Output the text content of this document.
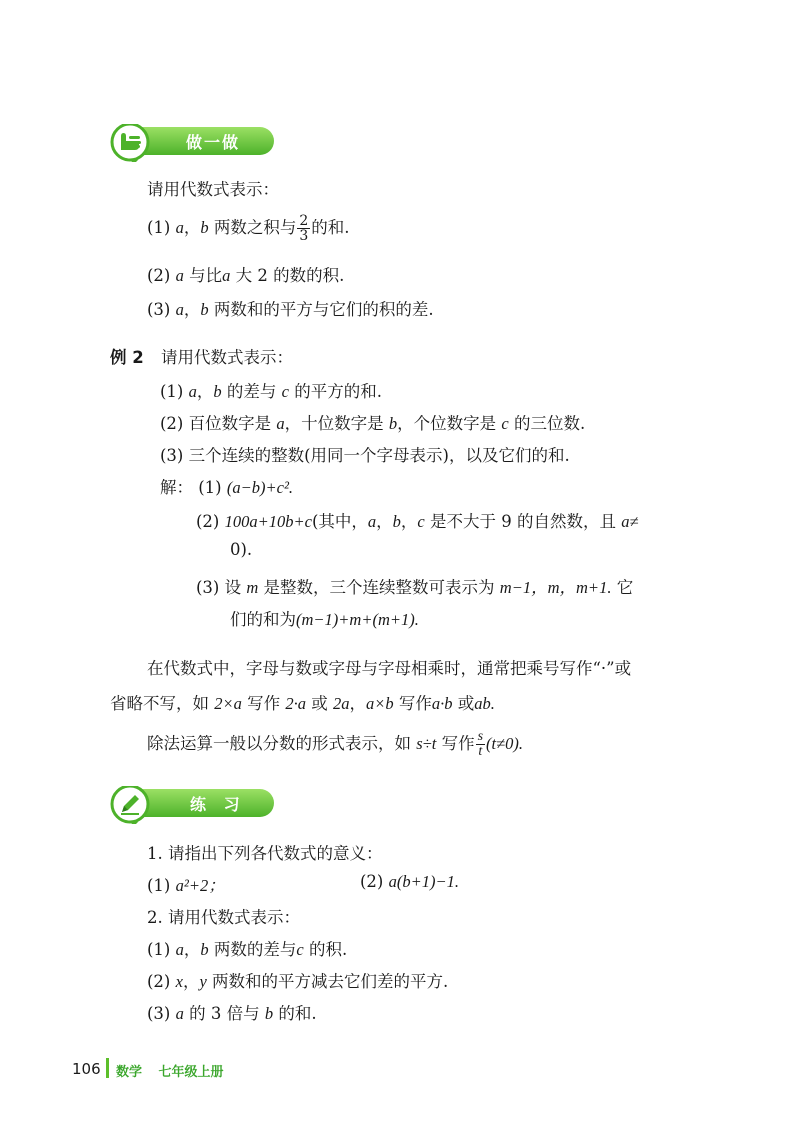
做一做
请用代数式表示：
(1) a，b 两数之积与 $\frac{2}{3}$ 的和.
(2) a 与比a 大 2 的数的积.
(3) a，b 两数和的平方与它们的积的差.
例 2 请用代数式表示：
(1) a，b 的差与 c 的平方的和.
(2) 百位数字是 a，十位数字是 b，个位数字是 c 的三位数.
(3) 三个连续的整数(用同一个字母表示)，以及它们的和.
解： (1) (a−b)+c².
(2) 100a+10b+c(其中，a，b，c 是不大于 9 的自然数，且 a≠
0).
(3) 设 m 是整数，三个连续整数可表示为 m−1，m，m+1. 它
们的和为(m−1)+m+(m+1).
在代数式中，字母与数或字母与字母相乘时，通常把乘号写作“·”或
省略不写，如 2×a 写作 2·a 或 2a，a×b 写作a·b 或ab.
除法运算一般以分数的形式表示，如 s÷t 写作 $\frac{s}{t} (t\ne 0)$.
练 习
1. 请指出下列各代数式的意义：
(1) a²+2；	(2) a(b+1)−1.
2. 请用代数式表示：
(1) a，b 两数的差与c 的积.
(2) x，y 两数和的平方减去它们差的平方.
(3) a 的 3 倍与 b 的和.
106 数学 七年级上册
